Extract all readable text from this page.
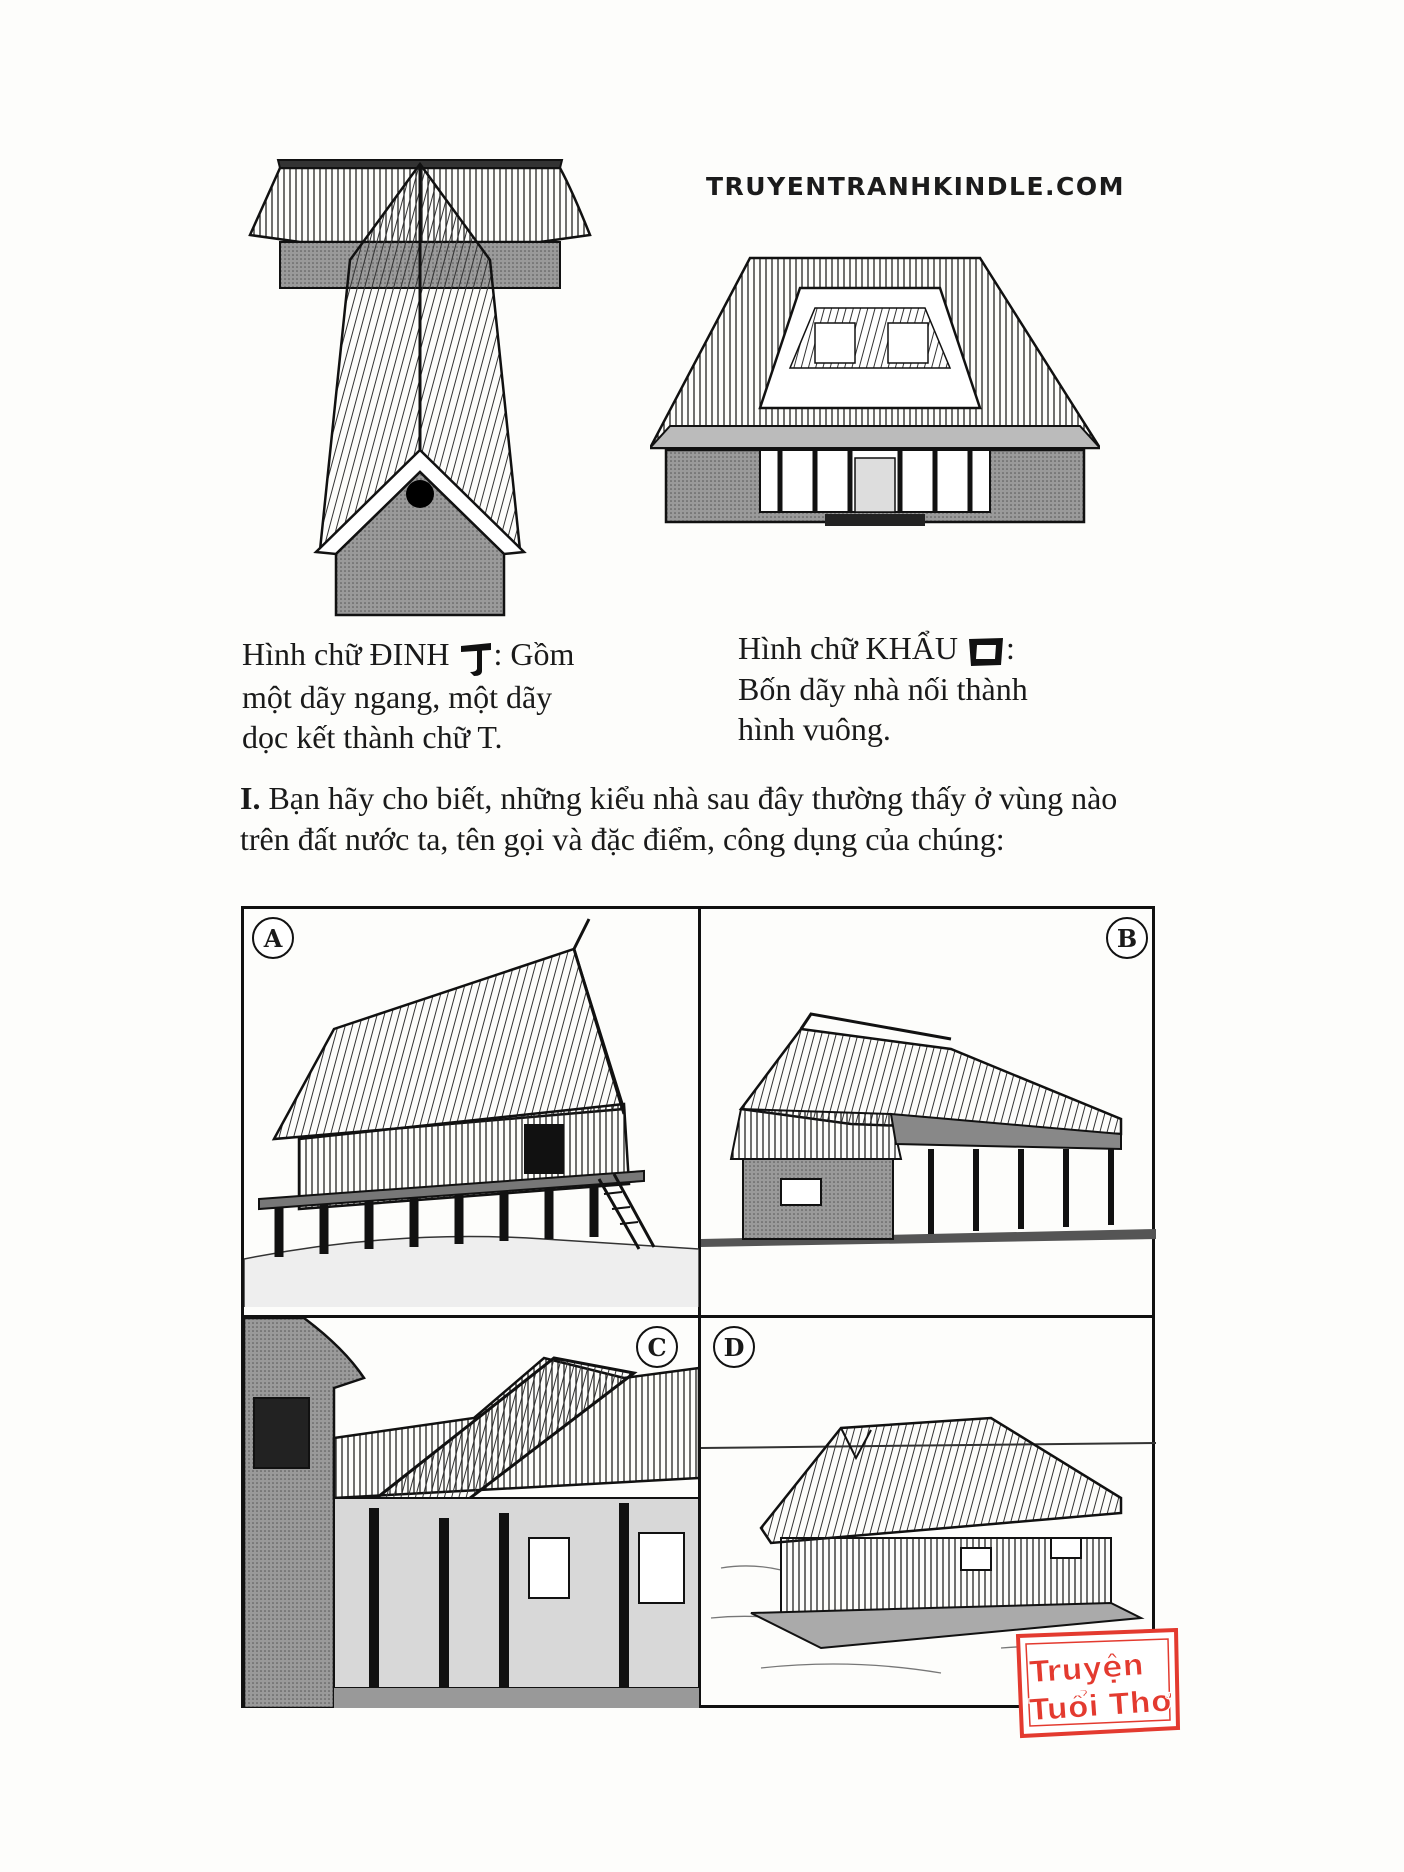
TRUYENTRANHKINDLE.COM
Hình chữ ĐINH : Gồm
một dãy ngang, một dãy
dọc kết thành chữ T.
Hình chữ KHẨU :
Bốn dãy nhà nối thành
hình vuông.
I. Bạn hãy cho biết, những kiểu nhà sau đây thường thấy ở vùng nào trên đất nước ta, tên gọi và đặc điểm, công dụng của chúng:
A	B
C	D
Truyện
Tuổi Thơ
